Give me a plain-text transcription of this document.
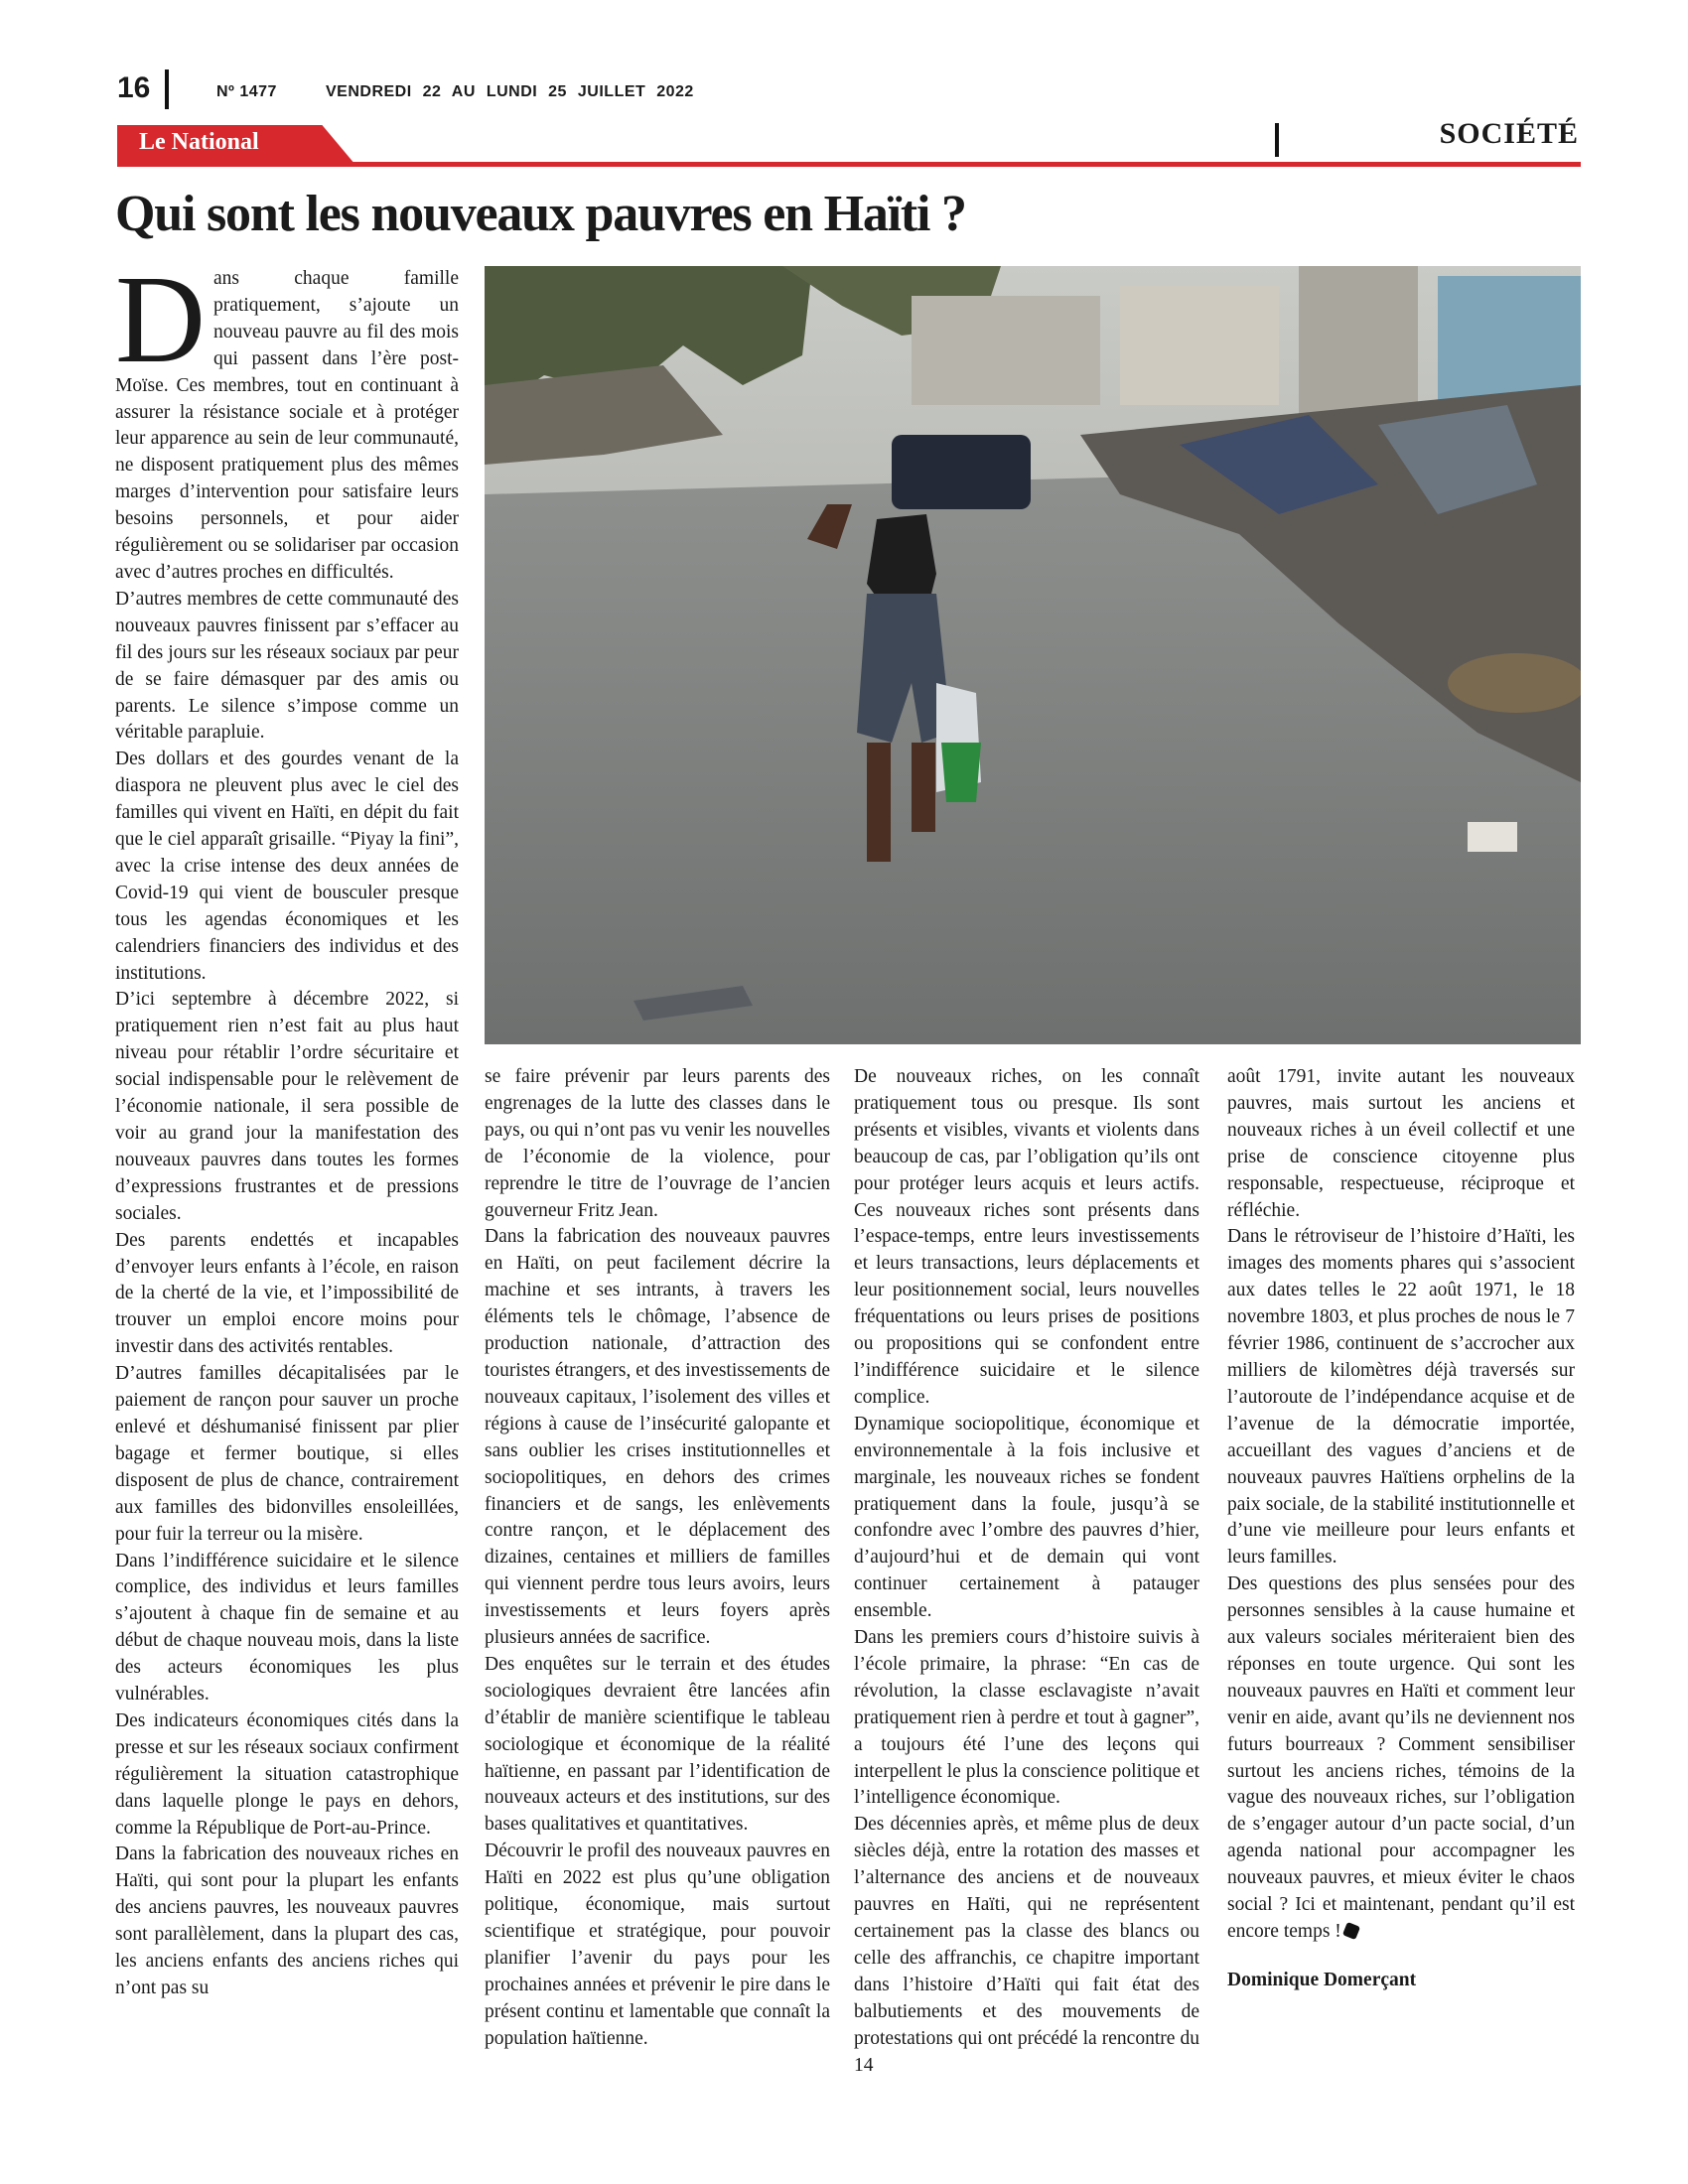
16	Nº 1477	VENDREDI 22 AU LUNDI 25 JUILLET 2022
Le National	SOCIÉTÉ
Qui sont les nouveaux pauvres en Haïti ?
D ans chaque famille pratiquement, s’ajoute un nouveau pauvre au fil des mois qui passent dans l’ère post-Moïse. Ces membres, tout en continuant à assurer la résistance sociale et à protéger leur apparence au sein de leur communauté, ne disposent pratiquement plus des mêmes marges d’intervention pour satisfaire leurs besoins personnels, et pour aider régulièrement ou se solidariser par occasion avec d’autres proches en difficultés.

D’autres membres de cette communauté des nouveaux pauvres finissent par s’effacer au fil des jours sur les réseaux sociaux par peur de se faire démasquer par des amis ou parents. Le silence s’impose comme un véritable parapluie.

Des dollars et des gourdes venant de la diaspora ne pleuvent plus avec le ciel des familles qui vivent en Haïti, en dépit du fait que le ciel apparaît grisaille. “Piyay la fini”, avec la crise intense des deux années de Covid-19 qui vient de bousculer presque tous les agendas économiques et les calendriers financiers des individus et des institutions.

D’ici septembre à décembre 2022, si pratiquement rien n’est fait au plus haut niveau pour rétablir l’ordre sécuritaire et social indispensable pour le relèvement de l’économie nationale, il sera possible de voir au grand jour la manifestation des nouveaux pauvres dans toutes les formes d’expressions frustrantes et de pressions sociales.

Des parents endettés et incapables d’envoyer leurs enfants à l’école, en raison de la cherté de la vie, et l’impossibilité de trouver un emploi encore moins pour investir dans des activités rentables.

D’autres familles décapitalisées par le paiement de rançon pour sauver un proche enlevé et déshumanisé finissent par plier bagage et fermer boutique, si elles disposent de plus de chance, contrairement aux familles des bidonvilles ensoleillées, pour fuir la terreur ou la misère.

Dans l’indifférence suicidaire et le silence complice, des individus et leurs familles s’ajoutent à chaque fin de semaine et au début de chaque nouveau mois, dans la liste des acteurs économiques les plus vulnérables.

Des indicateurs économiques cités dans la presse et sur les réseaux sociaux confirment régulièrement la situation catastrophique dans laquelle plonge le pays en dehors, comme la République de Port-au-Prince.

Dans la fabrication des nouveaux riches en Haïti, qui sont pour la plupart les enfants des anciens pauvres, les nouveaux pauvres sont parallèlement, dans la plupart des cas, les anciens enfants des anciens riches qui n’ont pas su

se faire prévenir par leurs parents des engrenages de la lutte des classes dans le pays, ou qui n’ont pas vu venir les nouvelles de l’économie de la violence, pour reprendre le titre de l’ouvrage de l’ancien gouverneur Fritz Jean.

Dans la fabrication des nouveaux pauvres en Haïti, on peut facilement décrire la machine et ses intrants, à travers les éléments tels le chômage, l’absence de production nationale, d’attraction des touristes étrangers, et des investissements de nouveaux capitaux, l’isolement des villes et régions à cause de l’insécurité galopante et sans oublier les crises institutionnelles et sociopolitiques, en dehors des crimes financiers et de sangs, les enlèvements contre rançon, et le déplacement des dizaines, centaines et milliers de familles qui viennent perdre tous leurs avoirs, leurs investissements et leurs foyers après plusieurs années de sacrifice.

Des enquêtes sur le terrain et des études sociologiques devraient être lancées afin d’établir de manière scientifique le tableau sociologique et économique de la réalité haïtienne, en passant par l’identification de nouveaux acteurs et des institutions, sur des bases qualitatives et quantitatives.

Découvrir le profil des nouveaux pauvres en Haïti en 2022 est plus qu’une obligation politique, économique, mais surtout scientifique et stratégique, pour pouvoir planifier l’avenir du pays pour les prochaines années et prévenir le pire dans le présent continu et lamentable que connaît la population haïtienne.

De nouveaux riches, on les connaît pratiquement tous ou presque. Ils sont présents et visibles, vivants et violents dans beaucoup de cas, par l’obligation qu’ils ont pour protéger leurs acquis et leurs actifs. Ces nouveaux riches sont présents dans l’espace-temps, entre leurs investissements et leurs transactions, leurs déplacements et leur positionnement social, leurs nouvelles fréquentations ou leurs prises de positions ou propositions qui se confondent entre l’indifférence suicidaire et le silence complice.

Dynamique sociopolitique, économique et environnementale à la fois inclusive et marginale, les nouveaux riches se fondent pratiquement dans la foule, jusqu’à se confondre avec l’ombre des pauvres d’hier, d’aujourd’hui et de demain qui vont continuer certainement à patauger ensemble.

Dans les premiers cours d’histoire suivis à l’école primaire, la phrase: “En cas de révolution, la classe esclavagiste n’avait pratiquement rien à perdre et tout à gagner”, a toujours été l’une des leçons qui interpellent le plus la conscience politique et l’intelligence économique.

Des décennies après, et même plus de deux siècles déjà, entre la rotation des masses et l’alternance des anciens et de nouveaux pauvres en Haïti, qui ne représentent certainement pas la classe des blancs ou celle des affranchis, ce chapitre important dans l’histoire d’Haïti qui fait état des balbutiements et des mouvements de protestations qui ont précédé la rencontre du 14

août 1791, invite autant les nouveaux pauvres, mais surtout les anciens et nouveaux riches à un éveil collectif et une prise de conscience citoyenne plus responsable, respectueuse, réciproque et réfléchie.

Dans le rétroviseur de l’histoire d’Haïti, les images des moments phares qui s’associent aux dates telles le 22 août 1971, le 18 novembre 1803, et plus proches de nous le 7 février 1986, continuent de s’accrocher aux milliers de kilomètres déjà traversés sur l’autoroute de l’indépendance acquise et de l’avenue de la démocratie importée, accueillant des vagues d’anciens et de nouveaux pauvres Haïtiens orphelins de la paix sociale, de la stabilité institutionnelle et d’une vie meilleure pour leurs enfants et leurs familles.

Des questions des plus sensées pour des personnes sensibles à la cause humaine et aux valeurs sociales mériteraient bien des réponses en toute urgence. Qui sont les nouveaux pauvres en Haïti et comment leur venir en aide, avant qu’ils ne deviennent nos futurs bourreaux ? Comment sensibiliser surtout les anciens riches, témoins de la vague des nouveaux riches, sur l’obligation de s’engager autour d’un pacte social, d’un agenda national pour accompagner les nouveaux pauvres, et mieux éviter le chaos social ? Ici et maintenant, pendant qu’il est encore temps !

Dominique Domerçant
